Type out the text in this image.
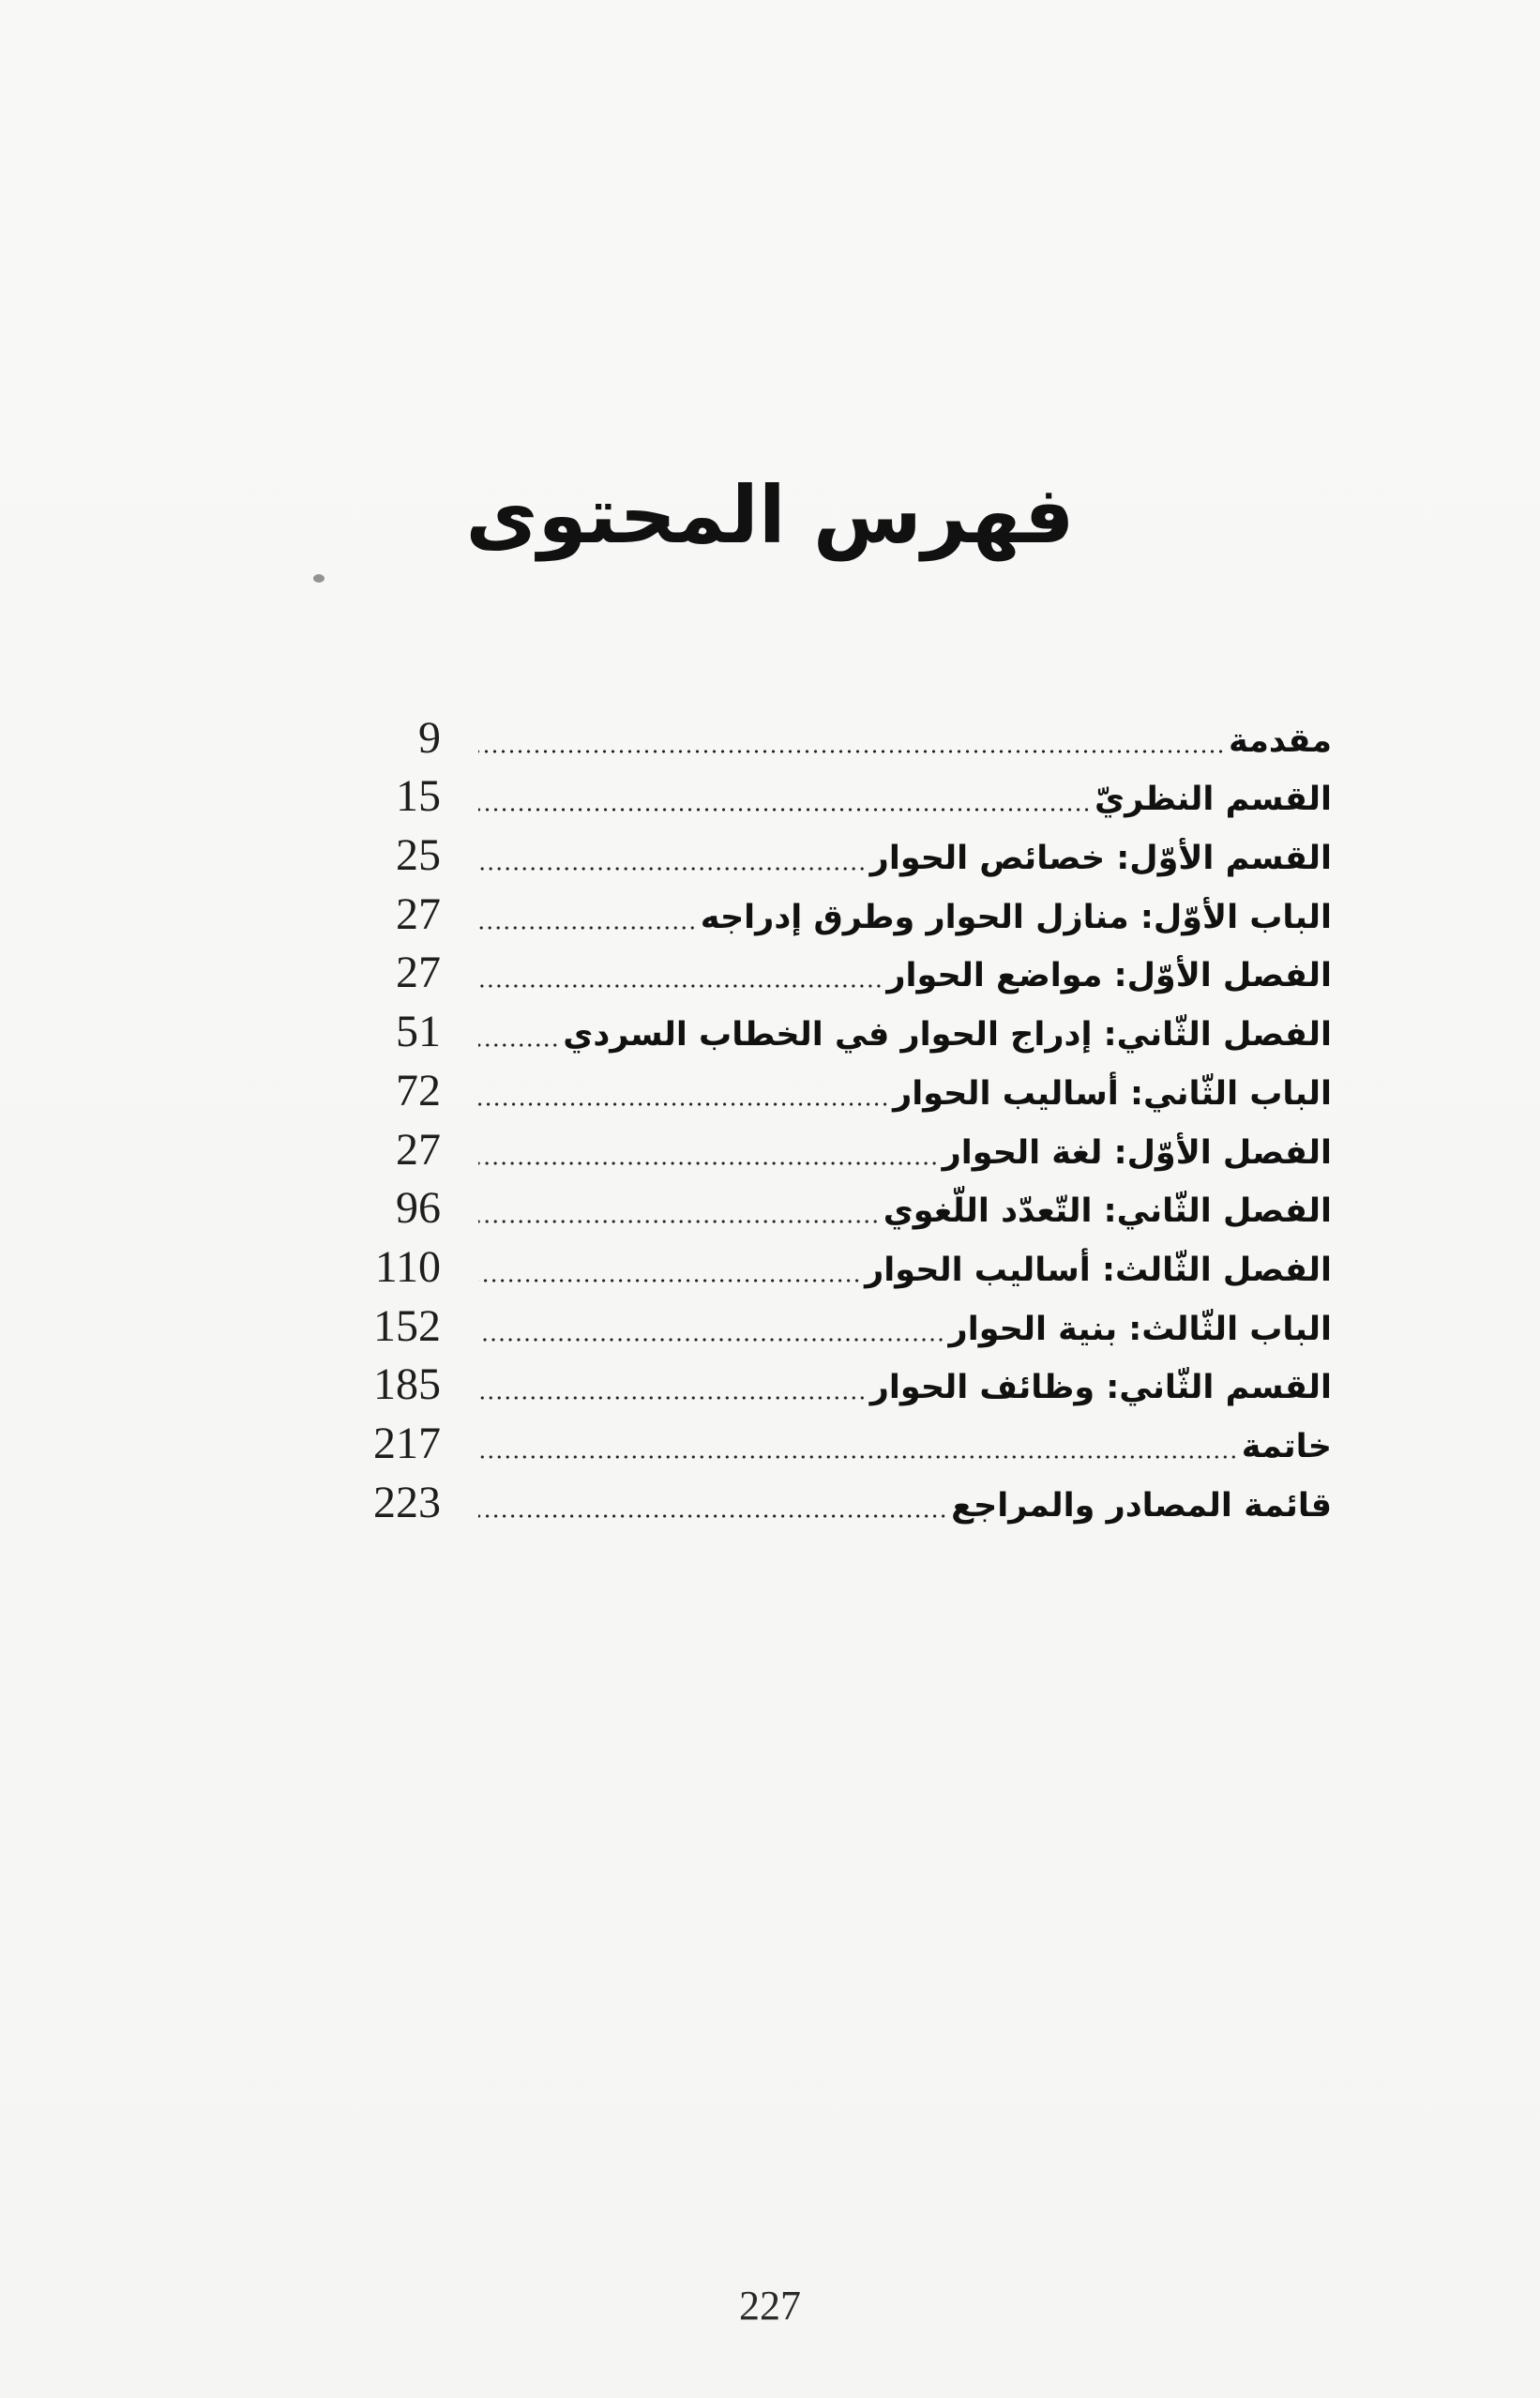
فهرس المحتوى
9	مقدمة
15	القسم النظريّ
25	القسم الأوّل: خصائص الحوار
27	الباب الأوّل: منازل الحوار وطرق إدراجه
27	الفصل الأوّل: مواضع الحوار
51	الفصل الثّاني: إدراج الحوار في الخطاب السردي
72	الباب الثّاني: أساليب الحوار
27	الفصل الأوّل: لغة الحوار
96	الفصل الثّاني: التّعدّد اللّغوي
110	الفصل الثّالث: أساليب الحوار
152	الباب الثّالث: بنية الحوار
185	القسم الثّاني: وظائف الحوار
217	خاتمة
223	قائمة المصادر والمراجع
227
